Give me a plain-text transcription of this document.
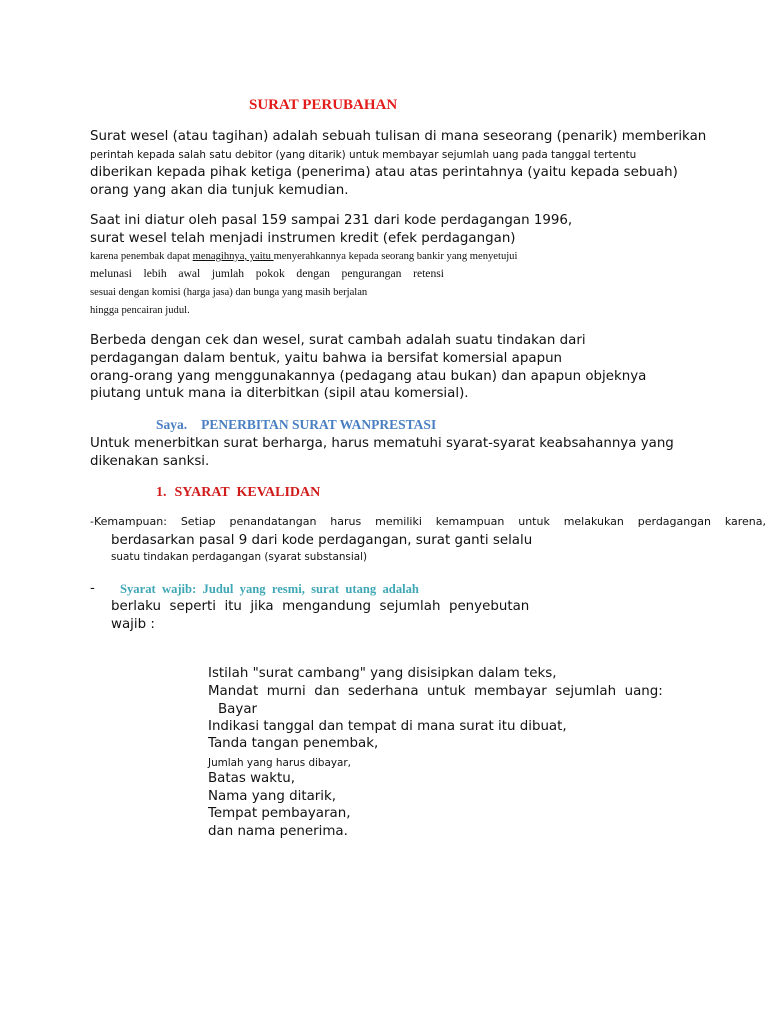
SURAT PERUBAHAN
Surat wesel (atau tagihan) adalah sebuah tulisan di mana seseorang (penarik) memberikan
perintah kepada salah satu debitor (yang ditarik) untuk membayar sejumlah uang pada tanggal tertentu
diberikan kepada pihak ketiga (penerima) atau atas perintahnya (yaitu kepada sebuah)
orang yang akan dia tunjuk kemudian.
Saat ini diatur oleh pasal 159 sampai 231 dari kode perdagangan 1996,
surat wesel telah menjadi instrumen kredit (efek perdagangan)
karena penembak dapat menagihnya, yaitu menyerahkannya kepada seorang bankir yang menyetujui
melunasi lebih awal jumlah pokok dengan pengurangan retensi
sesuai dengan komisi (harga jasa) dan bunga yang masih berjalan
hingga pencairan judul.
Berbeda dengan cek dan wesel, surat cambah adalah suatu tindakan dari
perdagangan dalam bentuk, yaitu bahwa ia bersifat komersial apapun
orang-orang yang menggunakannya (pedagang atau bukan) dan apapun objeknya
piutang untuk mana ia diterbitkan (sipil atau komersial).
Saya. PENERBITAN SURAT WANPRESTASI
Untuk menerbitkan surat berharga, harus mematuhi syarat-syarat keabsahannya yang
dikenakan sanksi.
1. SYARAT  KEVALIDAN
-Kemampuan: Setiap penandatangan harus memiliki kemampuan untuk melakukan perdagangan karena,
berdasarkan pasal 9 dari kode perdagangan, surat ganti selalu
suatu tindakan perdagangan (syarat substansial)
- Syarat  wajib:  Judul  yang  resmi,  surat  utang  adalah
berlaku  seperti  itu  jika  mengandung  sejumlah  penyebutan
wajib :
Istilah "surat cambang" yang disisipkan dalam teks,
Mandat  murni  dan  sederhana  untuk  membayar  sejumlah  uang:
Bayar
Indikasi tanggal dan tempat di mana surat itu dibuat,
Tanda tangan penembak,
Jumlah yang harus dibayar,
Batas waktu,
Nama yang ditarik,
Tempat pembayaran,
dan nama penerima.
